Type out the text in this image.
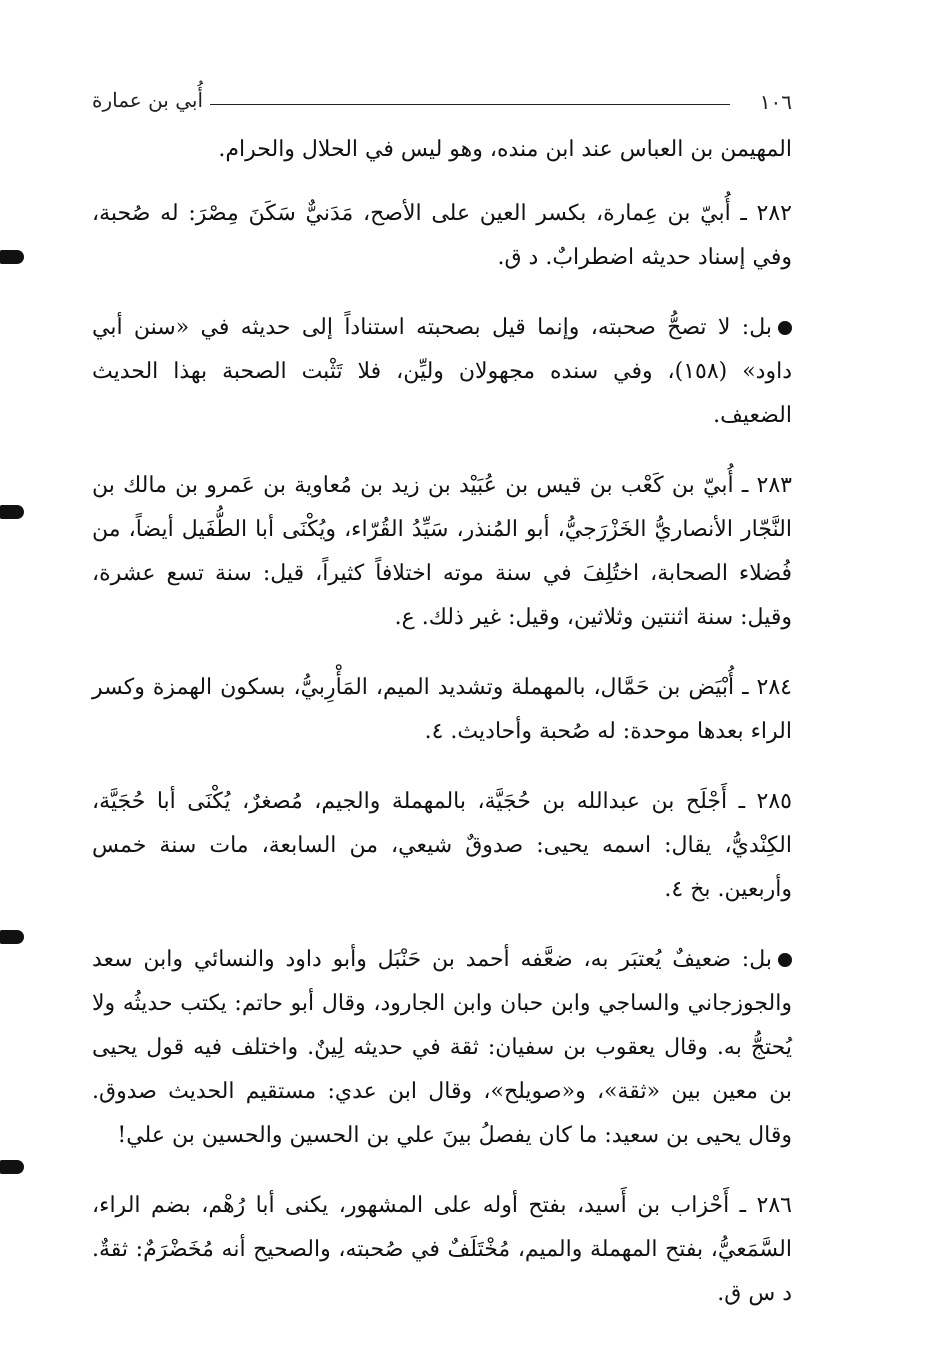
١٠٦
أُبي بن عمارة

المهيمن بن العباس عند ابن منده، وهو ليس في الحلال والحرام.

٢٨٢ ـ أُبيّ بن عِمارة، بكسر العين على الأصح، مَدَنيٌّ سَكَنَ مِصْرَ: له صُحبة، وفي إسناد حديثه اضطرابٌ. د ق.

بل: لا تصحُّ صحبته، وإنما قيل بصحبته استناداً إلى حديثه في «سنن أبي داود» (١٥٨)، وفي سنده مجهولان وليِّن، فلا تَثْبت الصحبة بهذا الحديث الضعيف.

٢٨٣ ـ أُبيّ بن كَعْب بن قيس بن عُبَيْد بن زيد بن مُعاوية بن عَمرو بن مالك بن النَّجّار الأنصاريُّ الخَزْرَجيُّ، أبو المُنذر، سَيِّدُ القُرّاء، ويُكْنَى أبا الطُّفَيل أيضاً، من فُضلاء الصحابة، اختُلِفَ في سنة موته اختلافاً كثيراً، قيل: سنة تسع عشرة، وقيل: سنة اثنتين وثلاثين، وقيل: غير ذلك. ع.

٢٨٤ ـ أُبْيَض بن حَمَّال، بالمهملة وتشديد الميم، المَأْرِبيُّ، بسكون الهمزة وكسر الراء بعدها موحدة: له صُحبة وأحاديث. ٤.

٢٨٥ ـ أَجْلَح بن عبدالله بن حُجَيَّة، بالمهملة والجيم، مُصغرٌ، يُكْنَى أبا حُجَيَّة، الكِنْديُّ، يقال: اسمه يحيى: صدوقٌ شيعي، من السابعة، مات سنة خمس وأربعين. بخ ٤.

بل: ضعيفٌ يُعتبَر به، ضعَّفه أحمد بن حَنْبَل وأبو داود والنسائي وابن سعد والجوزجاني والساجي وابن حبان وابن الجارود، وقال أبو حاتم: يكتب حديثُه ولا يُحتجُّ به. وقال يعقوب بن سفيان: ثقة في حديثه لِينٌ. واختلف فيه قول يحيى بن معين بين «ثقة»، و«صويلح»، وقال ابن عدي: مستقيم الحديث صدوق. وقال يحيى بن سعيد: ما كان يفصلُ بينَ علي بن الحسين والحسين بن علي!

٢٨٦ ـ أَحْزاب بن أَسيد، بفتح أوله على المشهور، يكنى أبا رُهْم، بضم الراء، السَّمَعيُّ، بفتح المهملة والميم، مُخْتَلَفٌ في صُحبته، والصحيح أنه مُخَضْرَمٌ: ثقةٌ. د س ق.
